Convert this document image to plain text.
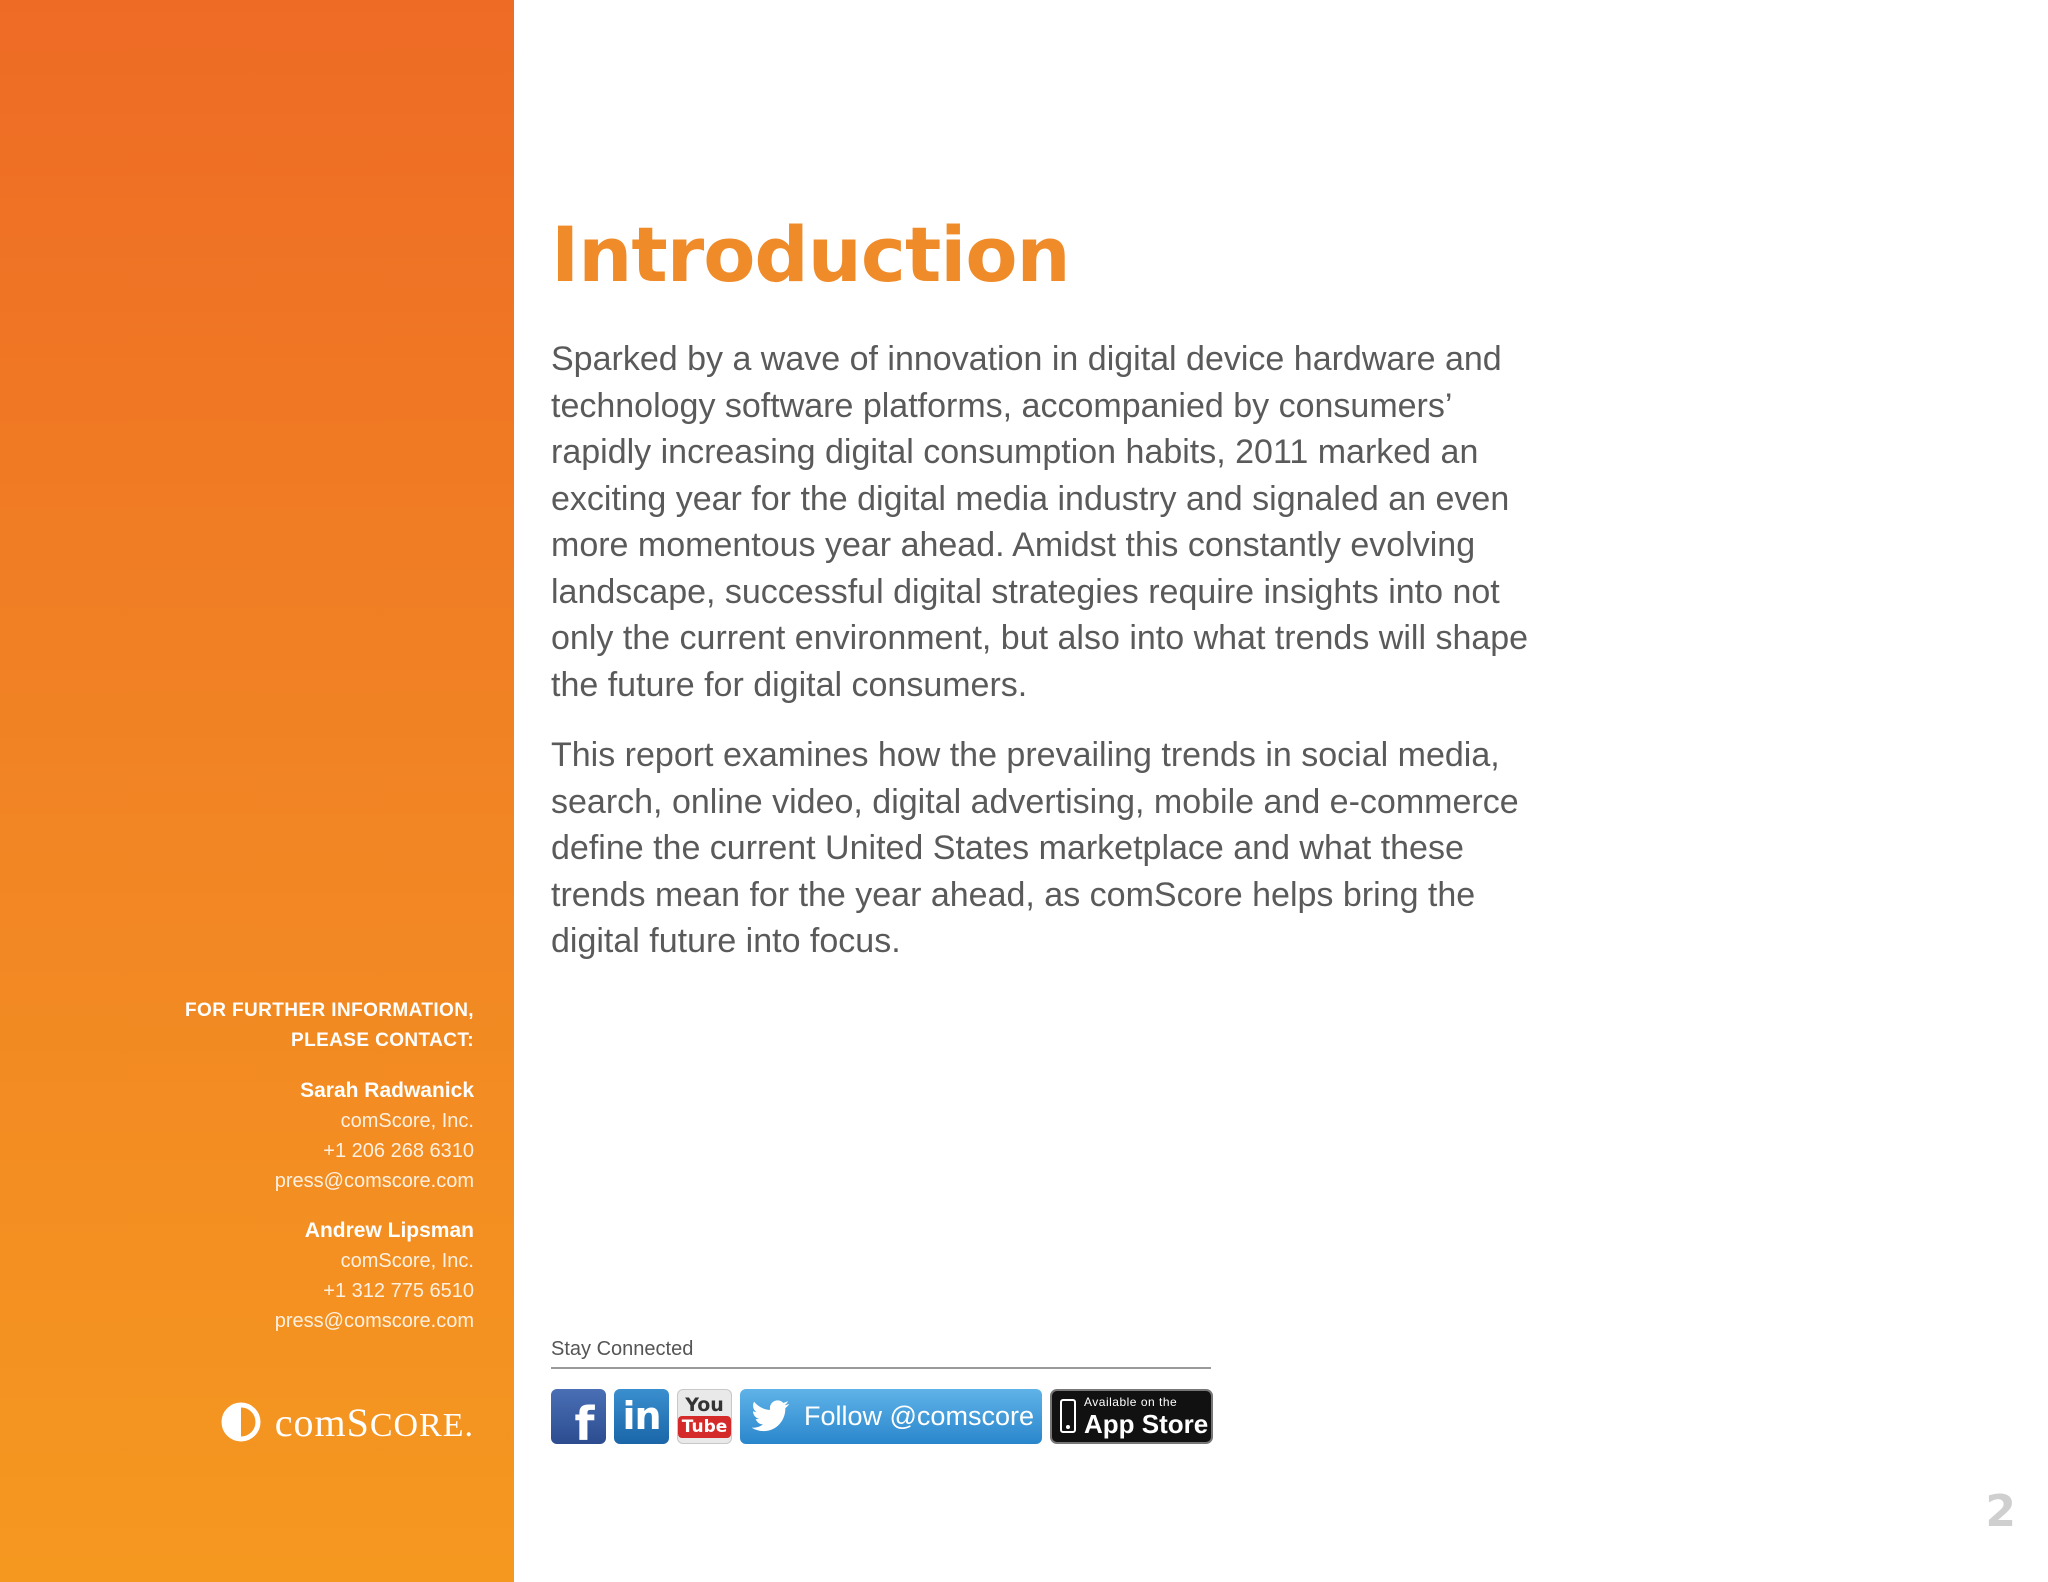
FOR FURTHER INFORMATION,
PLEASE CONTACT:
Sarah Radwanick
comScore, Inc.
+1 206 268 6310
press@comscore.com
Andrew Lipsman
comScore, Inc.
+1 312 775 6510
press@comscore.com
comSCORE.
Introduction

Sparked by a wave of innovation in digital device hardware and technology software platforms, accompanied by consumers’ rapidly increasing digital consumption habits, 2011 marked an exciting year for the digital media industry and signaled an even more momentous year ahead. Amidst this constantly evolving landscape, successful digital strategies require insights into not only the current environment, but also into what trends will shape the future for digital consumers.

This report examines how the prevailing trends in social media, search, online video, digital advertising, mobile and e-commerce define the current United States marketplace and what these trends mean for the year ahead, as comScore helps bring the digital future into focus.

Stay Connected
f in You
Tube	Follow @comscore	Available on the
App Store
2
